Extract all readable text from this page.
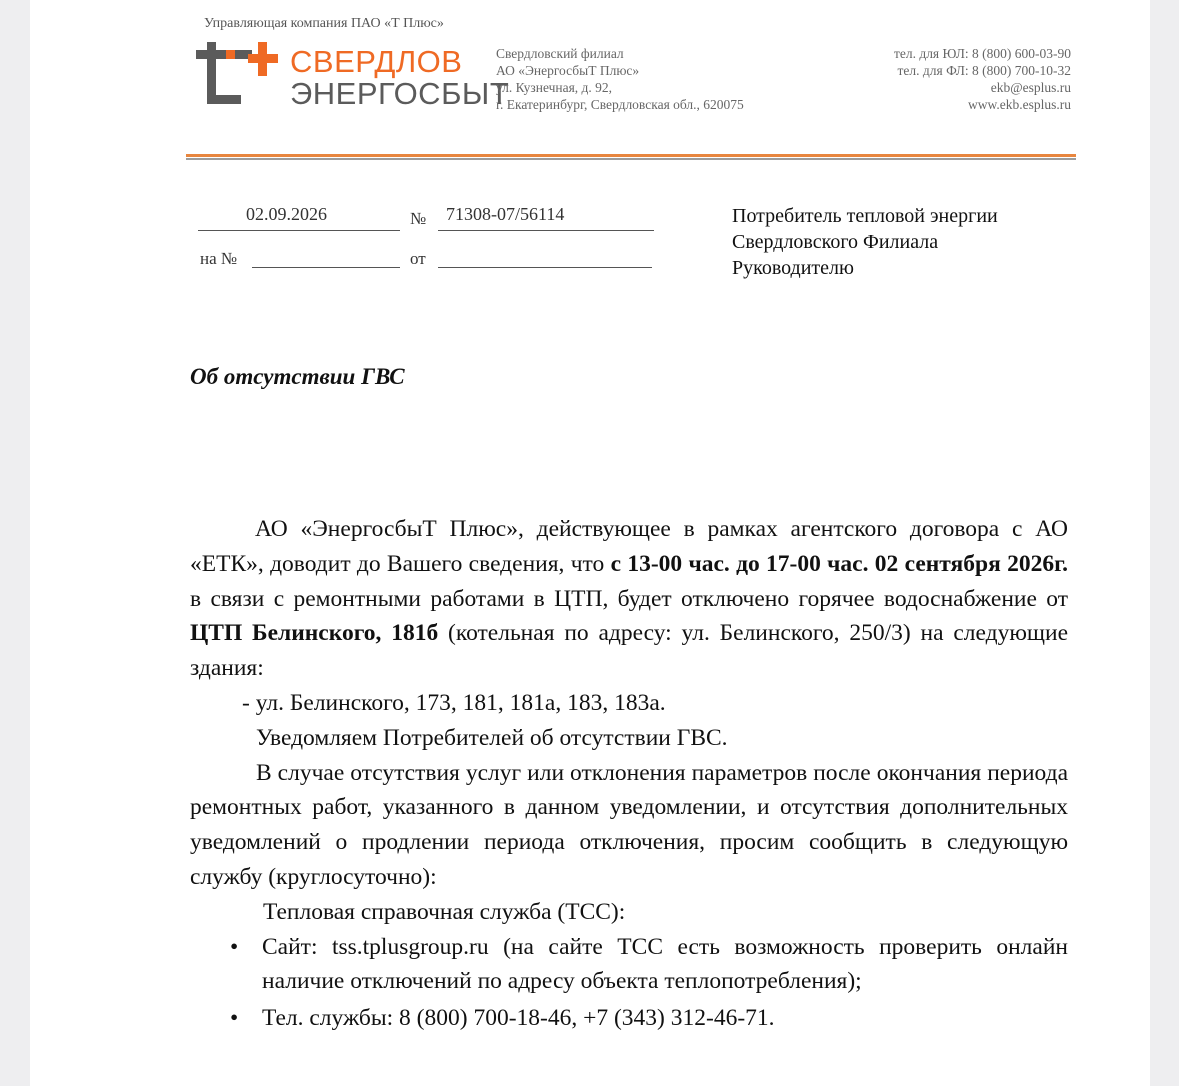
Управляющая компания ПАО «Т Плюс»
СВЕРДЛОВ
ЭНЕРГОСБЫТ
Свердловский филиал
АО «ЭнергосбыТ Плюс»
ул. Кузнечная, д. 92,
г. Екатеринбург, Свердловская обл., 620075
тел. для ЮЛ: 8 (800) 600-03-90
тел. для ФЛ: 8 (800) 700-10-32
ekb@esplus.ru
www.ekb.esplus.ru
02.09.2026	№ 71308-07/56114
на №	от
Потребитель тепловой энергии
Свердловского Филиала
Руководителю
Об отсутствии ГВС

АО «ЭнергосбыТ Плюс», действующее в рамках агентского договора с АО «ЕТК», доводит до Вашего сведения, что с 13-00 час. до 17-00 час. 02 сентября 2026г. в связи с ремонтными работами в ЦТП, будет отключено горячее водоснабжение от ЦТП Белинского, 181б (котельная по адресу: ул. Белинского, 250/3) на следующие здания:

- ул. Белинского, 173, 181, 181а, 183, 183а.

Уведомляем Потребителей об отсутствии ГВС.

В случае отсутствия услуг или отклонения параметров после окончания периода ремонтных работ, указанного в данном уведомлении, и отсутствия дополнительных уведомлений о продлении периода отключения, просим сообщить в следующую службу (круглосуточно):

Тепловая справочная служба (ТСС):

• Сайт: tss.tplusgroup.ru (на сайте ТСС есть возможность проверить онлайн наличие отключений по адресу объекта теплопотребления);
• Тел. службы: 8 (800) 700-18-46, +7 (343) 312-46-71.
